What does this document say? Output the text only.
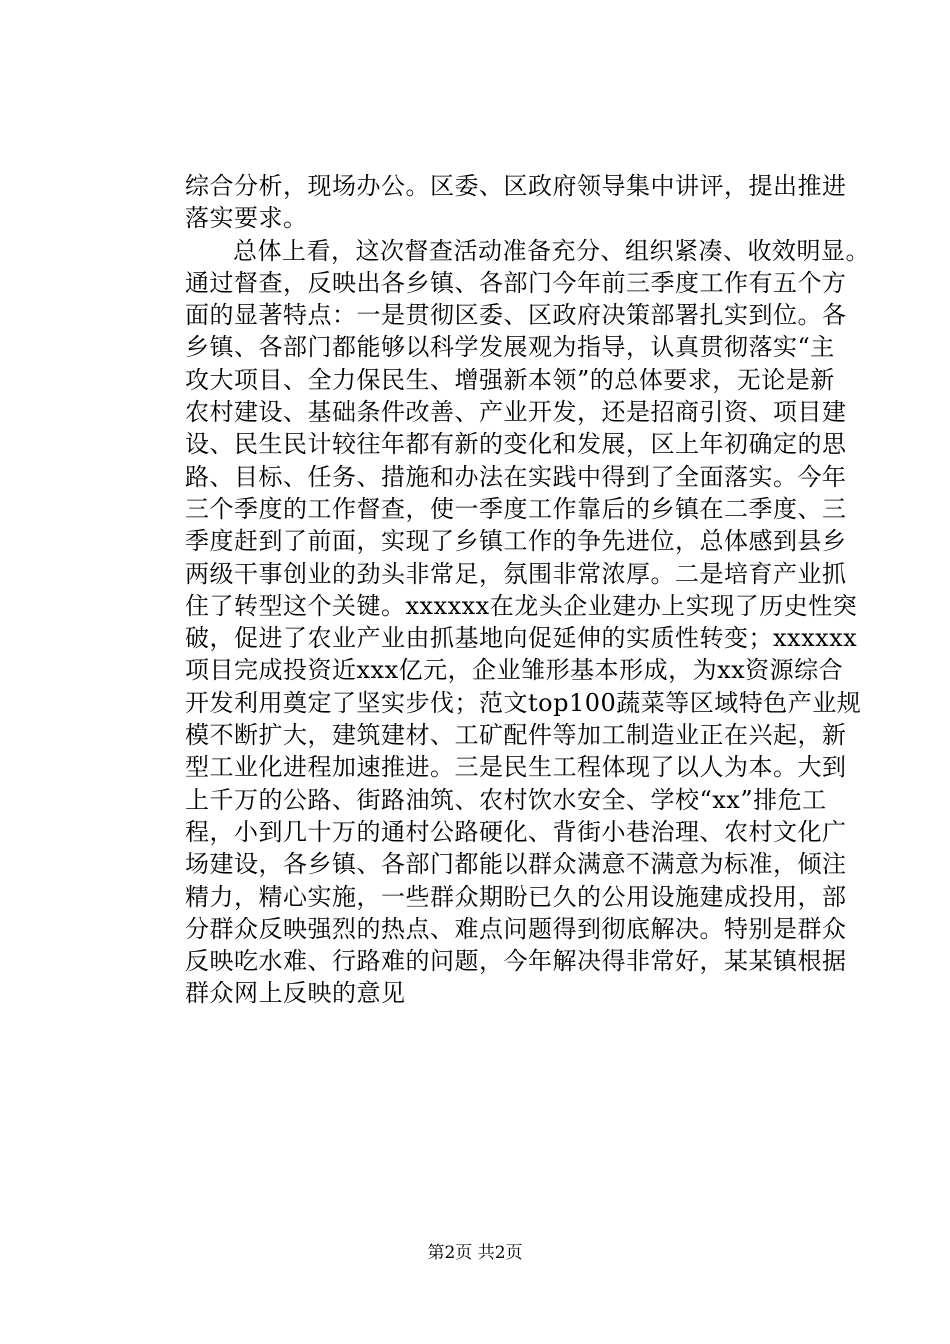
综合分析，现场办公。区委、区政府领导集中讲评，提出推进
落实要求。
总体上看，这次督查活动准备充分、组织紧凑、收效明显。
通过督查，反映出各乡镇、各部门今年前三季度工作有五个方
面的显著特点：一是贯彻区委、区政府决策部署扎实到位。各
乡镇、各部门都能够以科学发展观为指导，认真贯彻落实“主
攻大项目、全力保民生、增强新本领”的总体要求，无论是新
农村建设、基础条件改善、产业开发，还是招商引资、项目建
设、民生民计较往年都有新的变化和发展，区上年初确定的思
路、目标、任务、措施和办法在实践中得到了全面落实。今年
三个季度的工作督查，使一季度工作靠后的乡镇在二季度、三
季度赶到了前面，实现了乡镇工作的争先进位，总体感到县乡
两级干事创业的劲头非常足，氛围非常浓厚。二是培育产业抓
住了转型这个关键。xxxxxx在龙头企业建办上实现了历史性突
破，促进了农业产业由抓基地向促延伸的实质性转变；xxxxxx
项目完成投资近xxx亿元，企业雏形基本形成，为xx资源综合
开发利用奠定了坚实步伐；范文top100蔬菜等区域特色产业规
模不断扩大，建筑建材、工矿配件等加工制造业正在兴起，新
型工业化进程加速推进。三是民生工程体现了以人为本。大到
上千万的公路、街路油筑、农村饮水安全、学校“xx”排危工
程，小到几十万的通村公路硬化、背街小巷治理、农村文化广
场建设，各乡镇、各部门都能以群众满意不满意为标准，倾注
精力，精心实施，一些群众期盼已久的公用设施建成投用，部
分群众反映强烈的热点、难点问题得到彻底解决。特别是群众
反映吃水难、行路难的问题，今年解决得非常好，某某镇根据
群众网上反映的意见
第2页 共2页
